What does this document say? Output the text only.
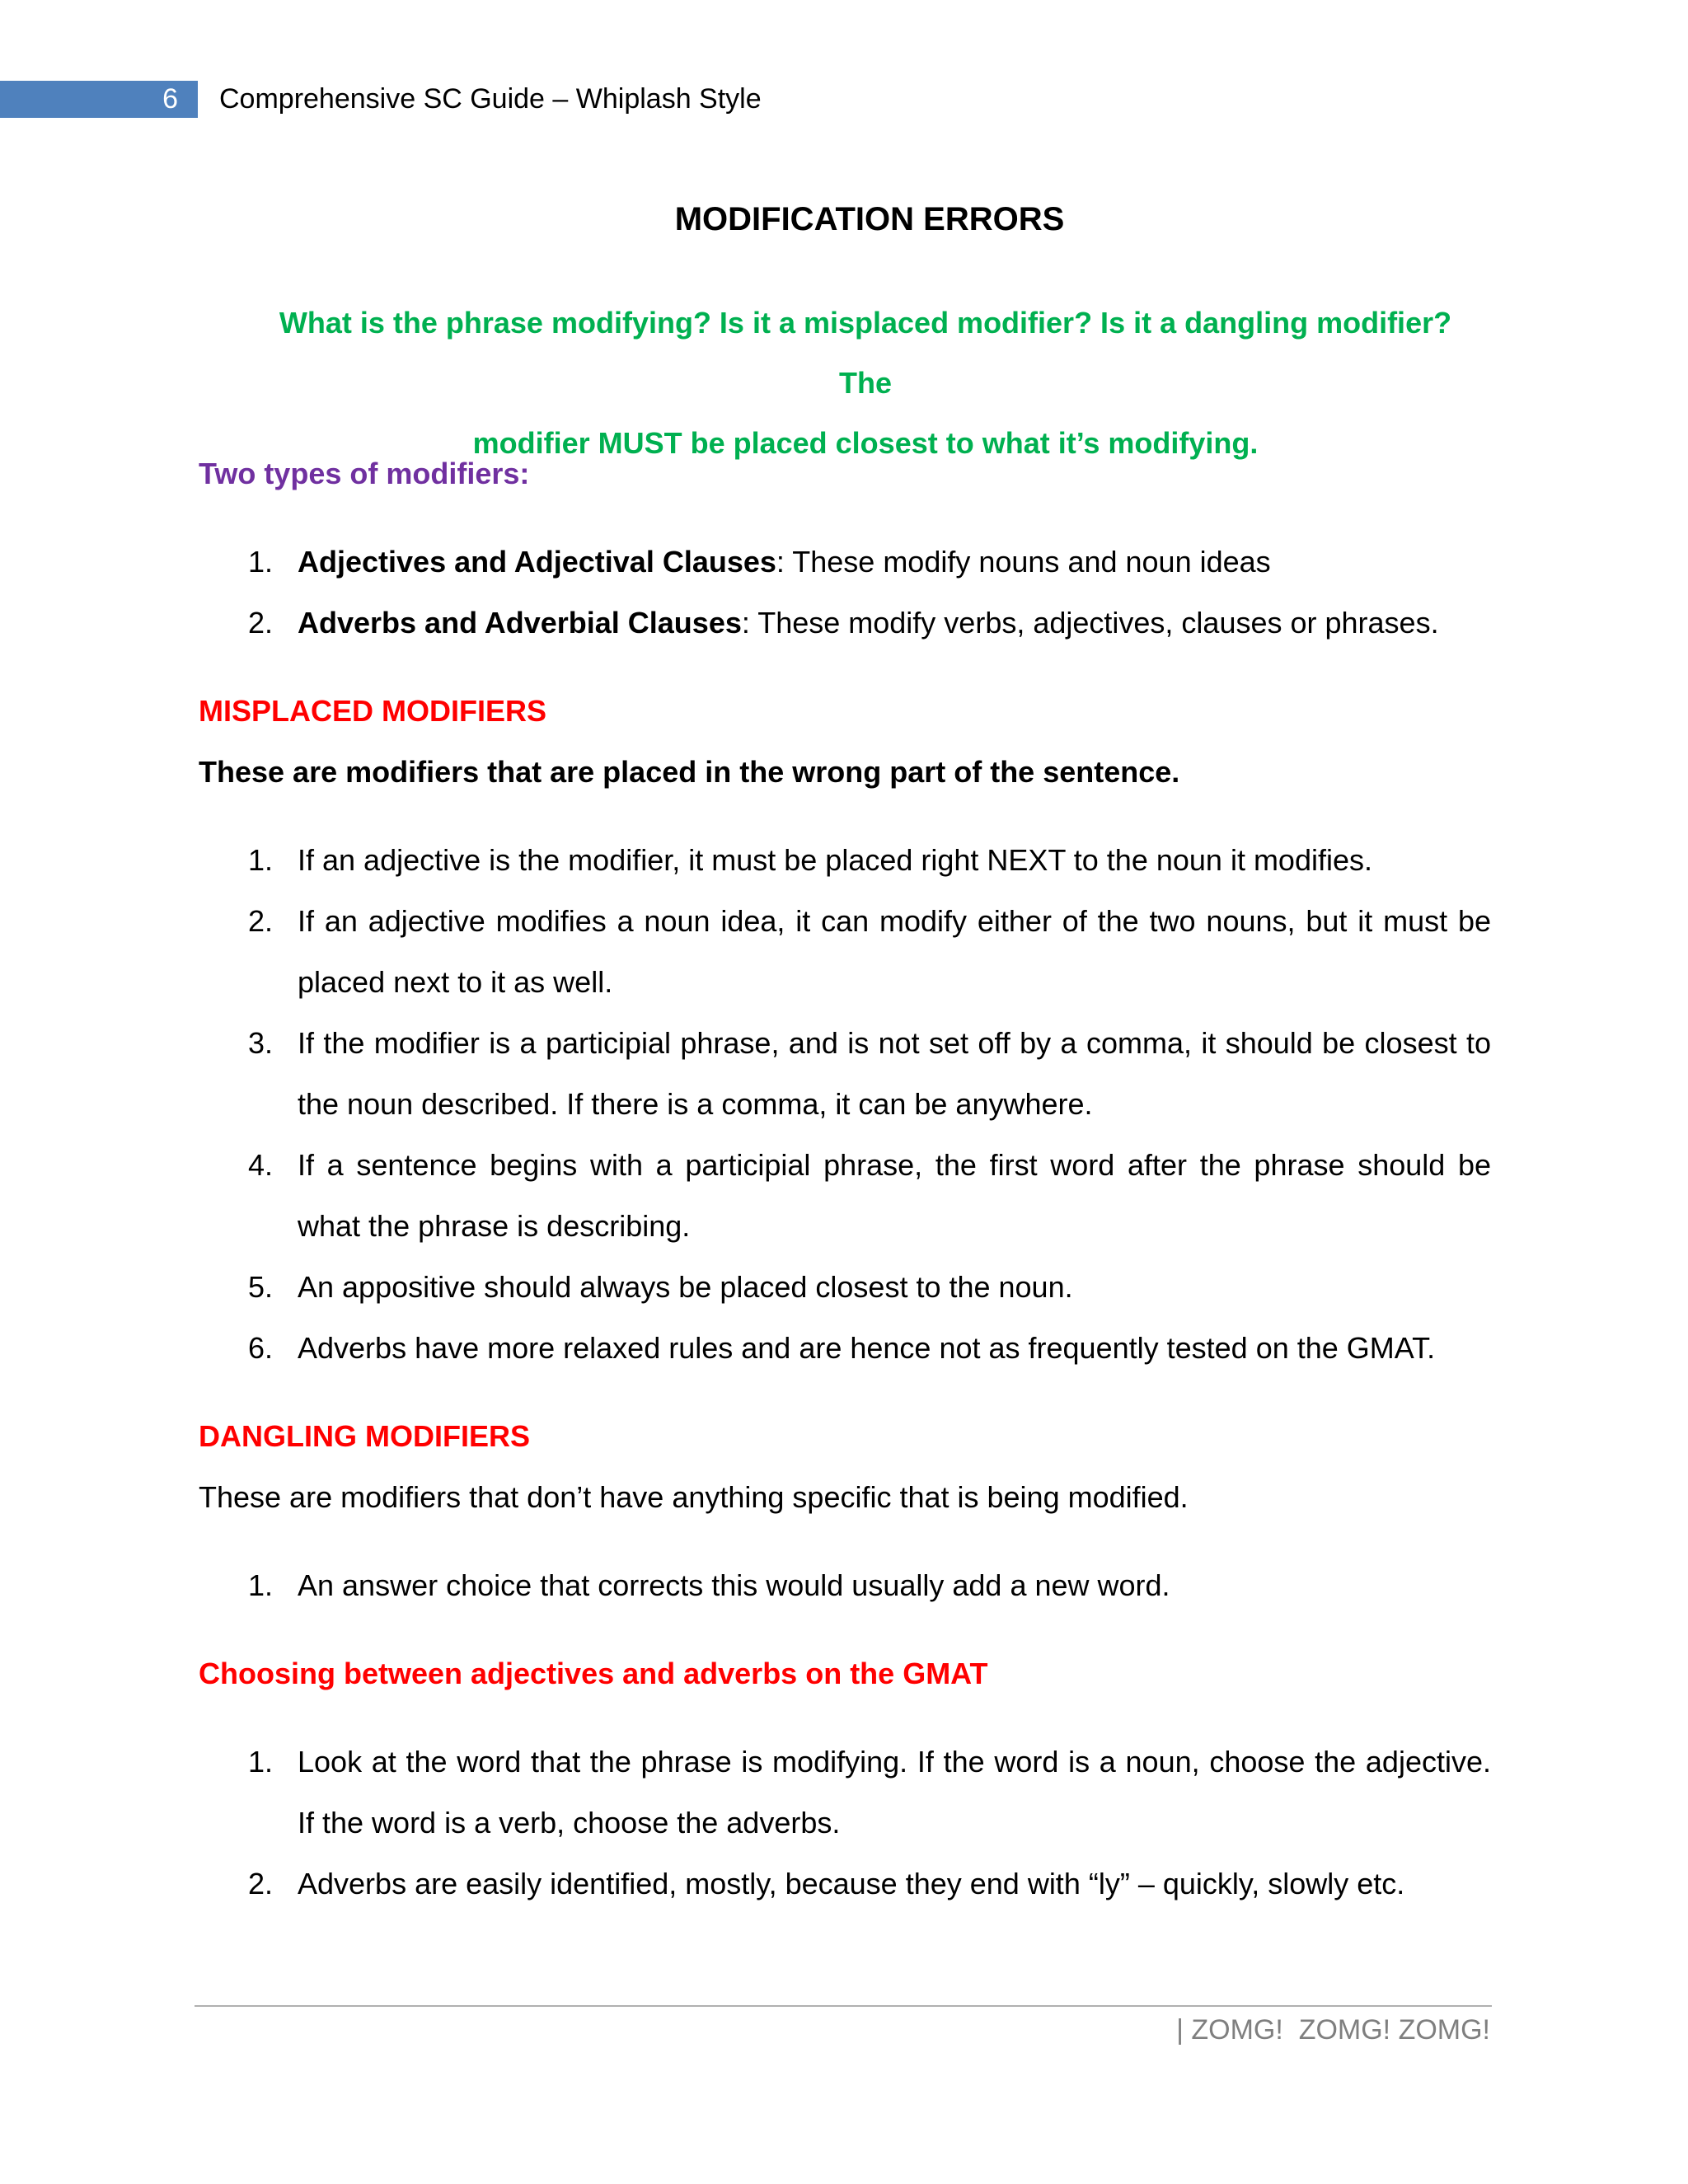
6	Comprehensive SC Guide – Whiplash Style
MODIFICATION ERRORS
What is the phrase modifying? Is it a misplaced modifier? Is it a dangling modifier? The
modifier MUST be placed closest to what it’s modifying.

Two types of modifiers:

1. Adjectives and Adjectival Clauses: These modify nouns and noun ideas
2. Adverbs and Adverbial Clauses: These modify verbs, adjectives, clauses or phrases.

MISPLACED MODIFIERS

These are modifiers that are placed in the wrong part of the sentence.

1. If an adjective is the modifier, it must be placed right NEXT to the noun it modifies.
2. If an adjective modifies a noun idea, it can modify either of the two nouns, but it must be placed next to it as well.
3. If the modifier is a participial phrase, and is not set off by a comma, it should be closest to the noun described. If there is a comma, it can be anywhere.
4. If a sentence begins with a participial phrase, the first word after the phrase should be what the phrase is describing.
5. An appositive should always be placed closest to the noun.
6. Adverbs have more relaxed rules and are hence not as frequently tested on the GMAT.

DANGLING MODIFIERS

These are modifiers that don’t have anything specific that is being modified.

1. An answer choice that corrects this would usually add a new word.

Choosing between adjectives and adverbs on the GMAT

1. Look at the word that the phrase is modifying. If the word is a noun, choose the adjective. If the word is a verb, choose the adverbs.
2. Adverbs are easily identified, mostly, because they end with “ly” – quickly, slowly etc.
| ZOMG!  ZOMG! ZOMG!
